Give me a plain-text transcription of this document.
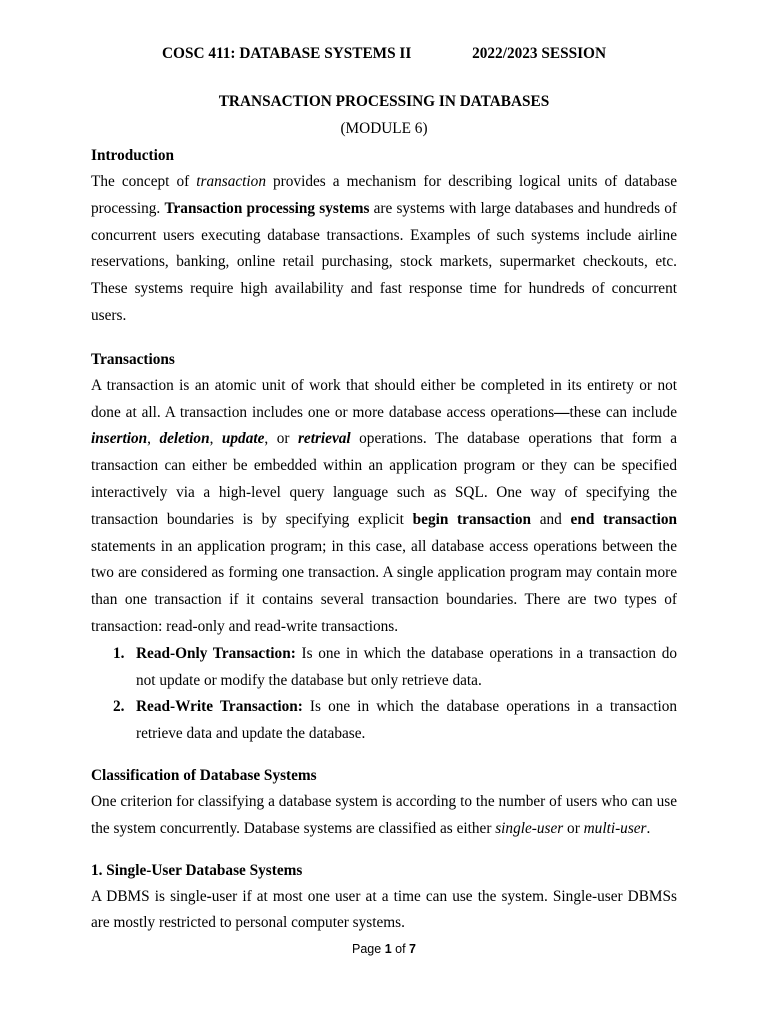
COSC 411: DATABASE SYSTEMS II	2022/2023 SESSION
TRANSACTION PROCESSING IN DATABASES
(MODULE 6)
Introduction

The concept of transaction provides a mechanism for describing logical units of database processing. Transaction processing systems are systems with large databases and hundreds of concurrent users executing database transactions. Examples of such systems include airline reservations, banking, online retail purchasing, stock markets, supermarket checkouts, etc. These systems require high availability and fast response time for hundreds of concurrent users.

Transactions

A transaction is an atomic unit of work that should either be completed in its entirety or not done at all. A transaction includes one or more database access operations—these can include insertion, deletion, update, or retrieval operations. The database operations that form a transaction can either be embedded within an application program or they can be specified interactively via a high-level query language such as SQL. One way of specifying the transaction boundaries is by specifying explicit begin transaction and end transaction statements in an application program; in this case, all database access operations between the two are considered as forming one transaction. A single application program may contain more than one transaction if it contains several transaction boundaries. There are two types of transaction: read-only and read-write transactions.

1. Read-Only Transaction: Is one in which the database operations in a transaction do not update or modify the database but only retrieve data.
2. Read-Write Transaction: Is one in which the database operations in a transaction retrieve data and update the database.
Classification of Database Systems

One criterion for classifying a database system is according to the number of users who can use the system concurrently. Database systems are classified as either single-user or multi-user.

1. Single-User Database Systems

A DBMS is single-user if at most one user at a time can use the system. Single-user DBMSs are mostly restricted to personal computer systems.

Page 1 of 7
